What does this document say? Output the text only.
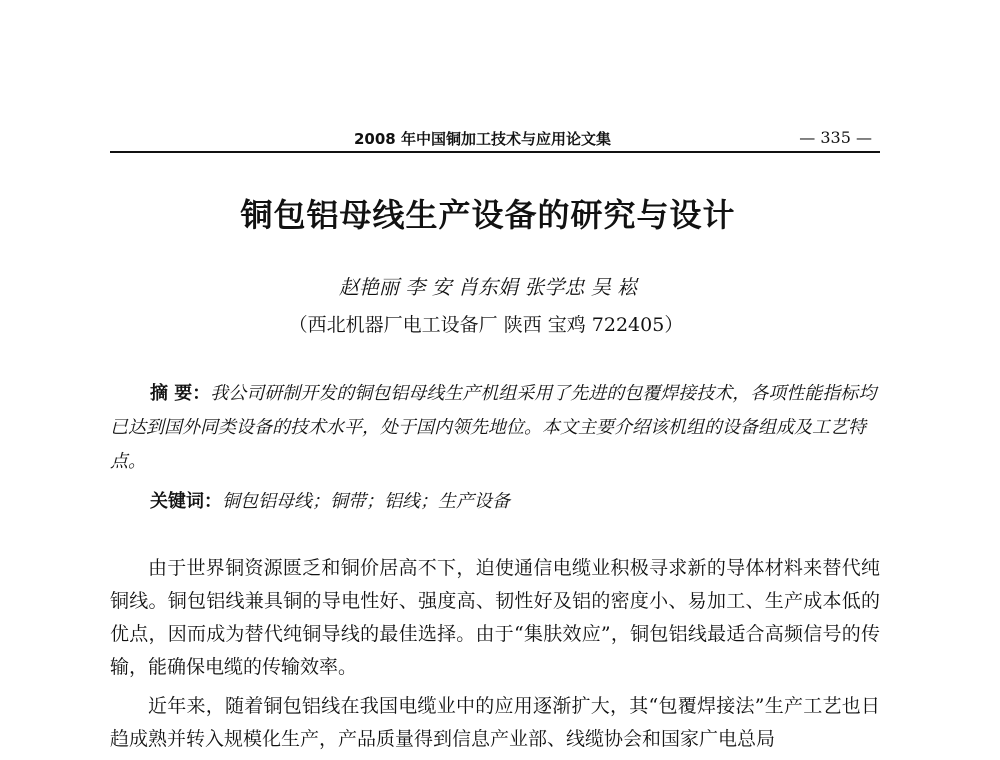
2008 年中国铜加工技术与应用论文集	— 335 —
铜包铝母线生产设备的研究与设计
赵艳丽 李 安 肖东娟 张学忠 吴 崧
（西北机器厂电工设备厂 陕西 宝鸡 722405）

摘 要：我公司研制开发的铜包铝母线生产机组采用了先进的包覆焊接技术，各项性能指标均已达到国外同类设备的技术水平，处于国内领先地位。本文主要介绍该机组的设备组成及工艺特点。

关键词：铜包铝母线；铜带；铝线；生产设备

由于世界铜资源匮乏和铜价居高不下，迫使通信电缆业积极寻求新的导体材料来替代纯铜线。铜包铝线兼具铜的导电性好、强度高、韧性好及铝的密度小、易加工、生产成本低的优点，因而成为替代纯铜导线的最佳选择。由于“集肤效应”，铜包铝线最适合高频信号的传输，能确保电缆的传输效率。

近年来，随着铜包铝线在我国电缆业中的应用逐渐扩大，其“包覆焊接法”生产工艺也日趋成熟并转入规模化生产，产品质量得到信息产业部、线缆协会和国家广电总局
